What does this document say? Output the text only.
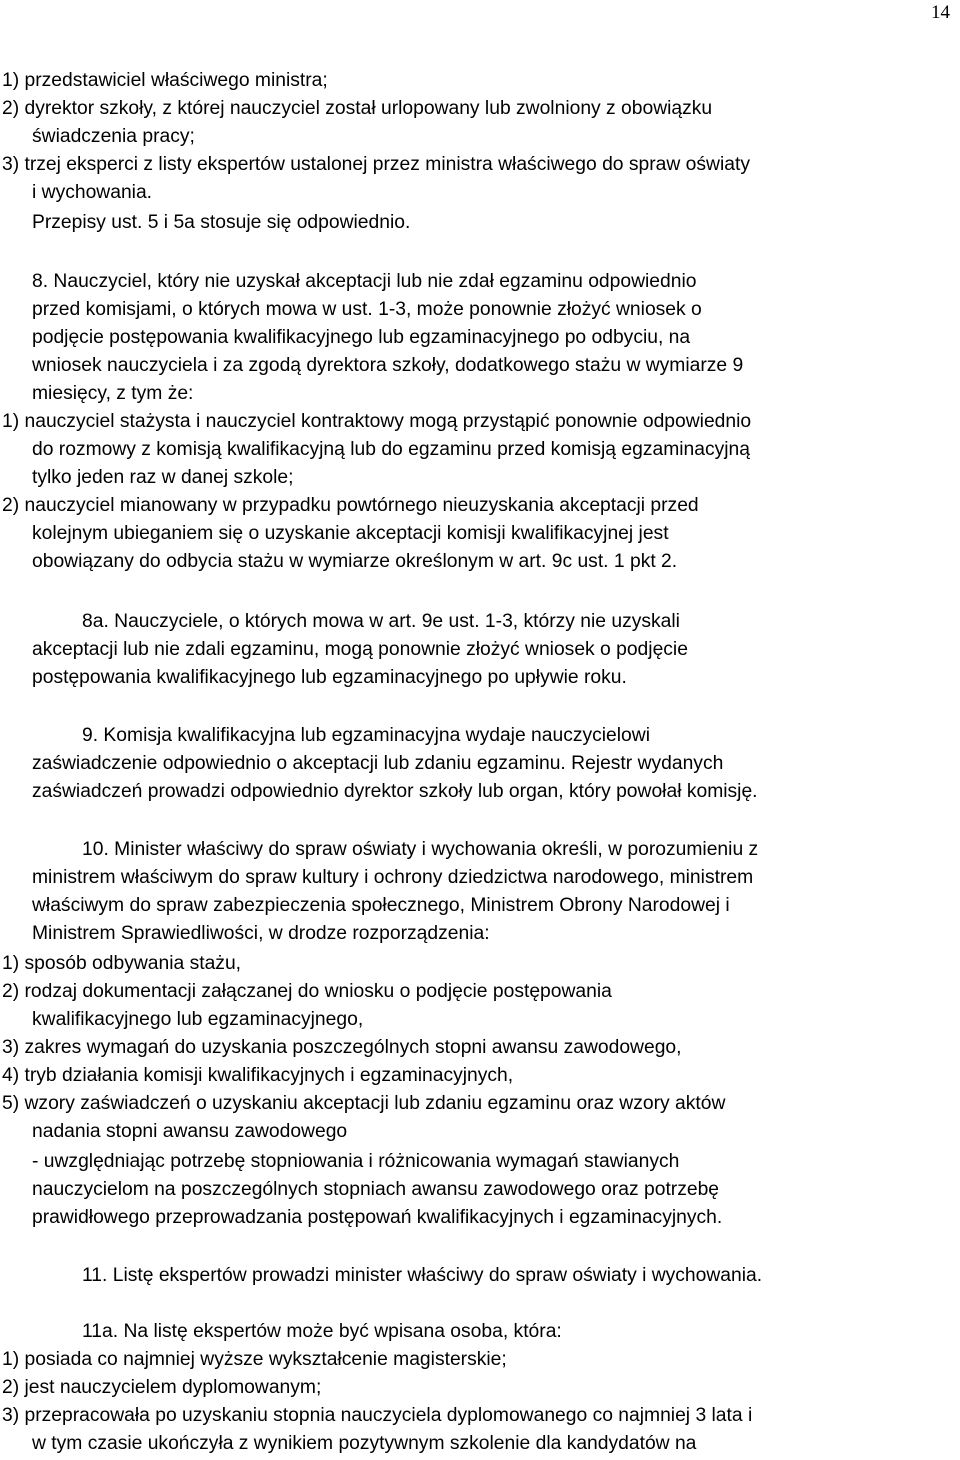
14
1) przedstawiciel właściwego ministra;
2) dyrektor szkoły, z której nauczyciel został urlopowany lub zwolniony z obowiązku
świadczenia pracy;
3) trzej eksperci z listy ekspertów ustalonej przez ministra właściwego do spraw oświaty
i wychowania.
Przepisy ust. 5 i 5a stosuje się odpowiednio.
8. Nauczyciel, który nie uzyskał akceptacji lub nie zdał egzaminu odpowiednio
przed komisjami, o których mowa w ust. 1-3, może ponownie złożyć wniosek o
podjęcie postępowania kwalifikacyjnego lub egzaminacyjnego po odbyciu, na
wniosek nauczyciela i za zgodą dyrektora szkoły, dodatkowego stażu w wymiarze 9
miesięcy, z tym że:
1) nauczyciel stażysta i nauczyciel kontraktowy mogą przystąpić ponownie odpowiednio
do rozmowy z komisją kwalifikacyjną lub do egzaminu przed komisją egzaminacyjną
tylko jeden raz w danej szkole;
2) nauczyciel mianowany w przypadku powtórnego nieuzyskania akceptacji przed
kolejnym ubieganiem się o uzyskanie akceptacji komisji kwalifikacyjnej jest
obowiązany do odbycia stażu w wymiarze określonym w art. 9c ust. 1 pkt 2.
8a. Nauczyciele, o których mowa w art. 9e ust. 1-3, którzy nie uzyskali
akceptacji lub nie zdali egzaminu, mogą ponownie złożyć wniosek o podjęcie
postępowania kwalifikacyjnego lub egzaminacyjnego po upływie roku.
9. Komisja kwalifikacyjna lub egzaminacyjna wydaje nauczycielowi
zaświadczenie odpowiednio o akceptacji lub zdaniu egzaminu. Rejestr wydanych
zaświadczeń prowadzi odpowiednio dyrektor szkoły lub organ, który powołał komisję.
10. Minister właściwy do spraw oświaty i wychowania określi, w porozumieniu z
ministrem właściwym do spraw kultury i ochrony dziedzictwa narodowego, ministrem
właściwym do spraw zabezpieczenia społecznego, Ministrem Obrony Narodowej i
Ministrem Sprawiedliwości, w drodze rozporządzenia:
1) sposób odbywania stażu,
2) rodzaj dokumentacji załączanej do wniosku o podjęcie postępowania
kwalifikacyjnego lub egzaminacyjnego,
3) zakres wymagań do uzyskania poszczególnych stopni awansu zawodowego,
4) tryb działania komisji kwalifikacyjnych i egzaminacyjnych,
5) wzory zaświadczeń o uzyskaniu akceptacji lub zdaniu egzaminu oraz wzory aktów
nadania stopni awansu zawodowego
- uwzględniając potrzebę stopniowania i różnicowania wymagań stawianych
nauczycielom na poszczególnych stopniach awansu zawodowego oraz potrzebę
prawidłowego przeprowadzania postępowań kwalifikacyjnych i egzaminacyjnych.
11. Listę ekspertów prowadzi minister właściwy do spraw oświaty i wychowania.
11a. Na listę ekspertów może być wpisana osoba, która:
1) posiada co najmniej wyższe wykształcenie magisterskie;
2) jest nauczycielem dyplomowanym;
3) przepracowała po uzyskaniu stopnia nauczyciela dyplomowanego co najmniej 3 lata i
w tym czasie ukończyła z wynikiem pozytywnym szkolenie dla kandydatów na
